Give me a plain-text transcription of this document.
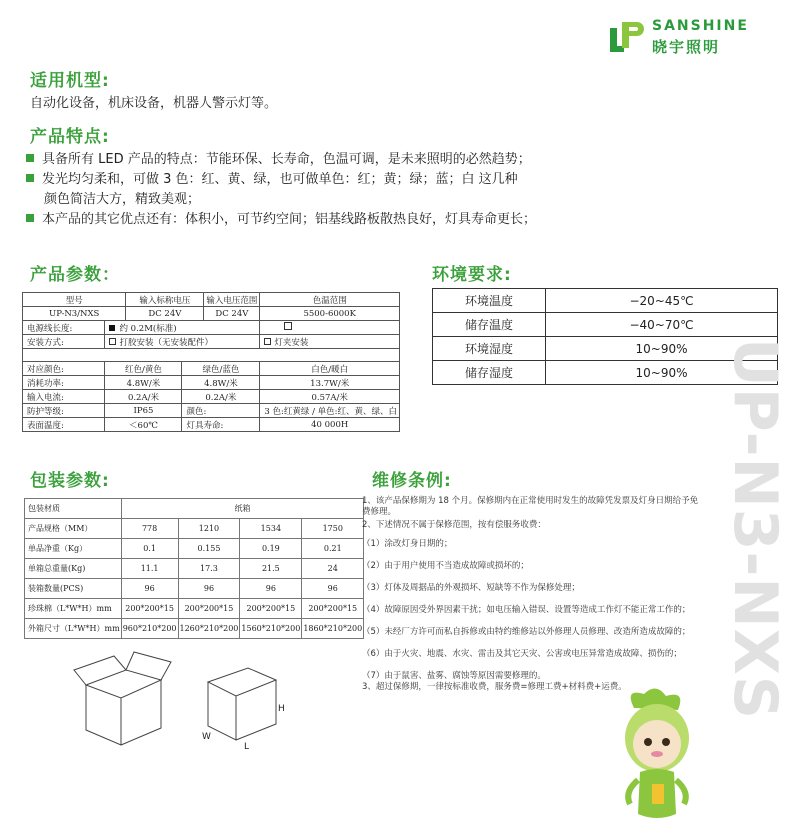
SANSHINE
晓宇照明
适用机型:
自动化设备，机床设备，机器人警示灯等。
产品特点:
具备所有 LED 产品的特点：节能环保、长寿命，色温可调，是未来照明的必然趋势；
发光均匀柔和，可做 3 色：红、黄、绿，也可做单色：红；黄；绿；蓝；白 这几种
颜色简洁大方，精致美观；
本产品的其它优点还有：体积小，可节约空间；铝基线路板散热良好，灯具寿命更长；
产品参数：
型号		输入标称电压		输入电压范围	色温范围
UP-N3/NXS		DC 24V		DC 24V	5500-6000K
电源线长度:	约 0.2M(标准)				
安装方式:	打胶安装（无安装配件）				灯夹安装

对应颜色:	红色/黄色		绿色/蓝色		白色/暖白
消耗功率:	4.8W/米		4.8W/米		13.7W/米
输入电流:	0.2A/米		0.2A/米		0.57A/米
防护等级:	IP65		颜色:		3 色:红黄绿 / 单色:红、黄、绿、白
表面温度:	＜60℃		灯具寿命:		40 000H
环境要求:
环境温度	−20~45℃
储存温度	−40~70℃
环境湿度	10~90%
储存湿度	10~90% UP-N3-NXS
包装参数:
包装材质	纸箱			
产品规格（MM）	778	1210	1534	1750
单品净重（Kg）	0.1	0.155	0.19	0.21
单箱总重量(Kg)	11.1	17.3	21.5	24
装箱数量(PCS)	96	96	96	96
珍珠棉（L*W*H）mm	200*200*15	200*200*15	200*200*15	200*200*15
外箱尺寸（L*W*H）mm	960*210*200	1260*210*200	1560*210*200	1860*210*200
H
W
L
维修条例:
1、该产品保修期为 18 个月。保修期内在正常使用时发生的故障凭发票及灯身日期给予免费修理。
2、下述情况不属于保修范围，按有偿服务收费：
（1）涂改灯身日期的；
（2）由于用户使用不当造成故障或损坏的；
（3）灯体及周据品的外观损坏、短缺等不作为保修处理；
（4）故障原因受外界因素干扰；如电压输入错误、设置等造成工作灯不能正常工作的；
（5）未经厂方许可而私自拆修或由特约维修站以外修理人员修理、改造所造成故障的；
（6）由于火灾、地震、水灾、雷击及其它天灾、公害或电压异常造成故障、损伤的；
（7）由于鼠害、盐雾、腐蚀等原因需要修理的。
3、超过保修期，一律按标准收费，服务费=修理工费+材料费+运费。
